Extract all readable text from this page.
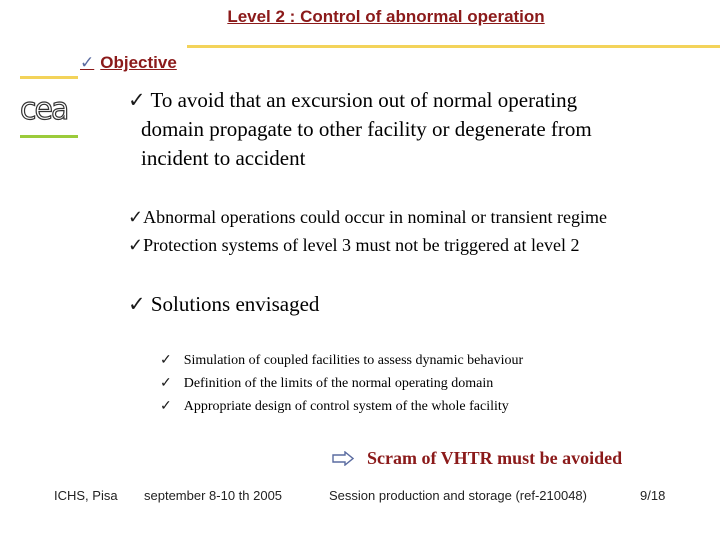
Level 2 : Control of abnormal operation
cea
✓ Objective
✓ To avoid that an excursion out of normal operating
domain propagate to other facility or degenerate from
incident to accident
✓Abnormal operations could occur in nominal or transient regime
✓Protection systems of level 3 must not be triggered at level 2
✓ Solutions envisaged
✓ Simulation of coupled facilities to assess dynamic behaviour
✓ Definition of the limits of the normal operating domain
✓ Appropriate design of control system of the whole facility
Scram of VHTR must be avoided
ICHS, Pisa september 8-10 th 2005	Session production and storage (ref-210048)	9/18
